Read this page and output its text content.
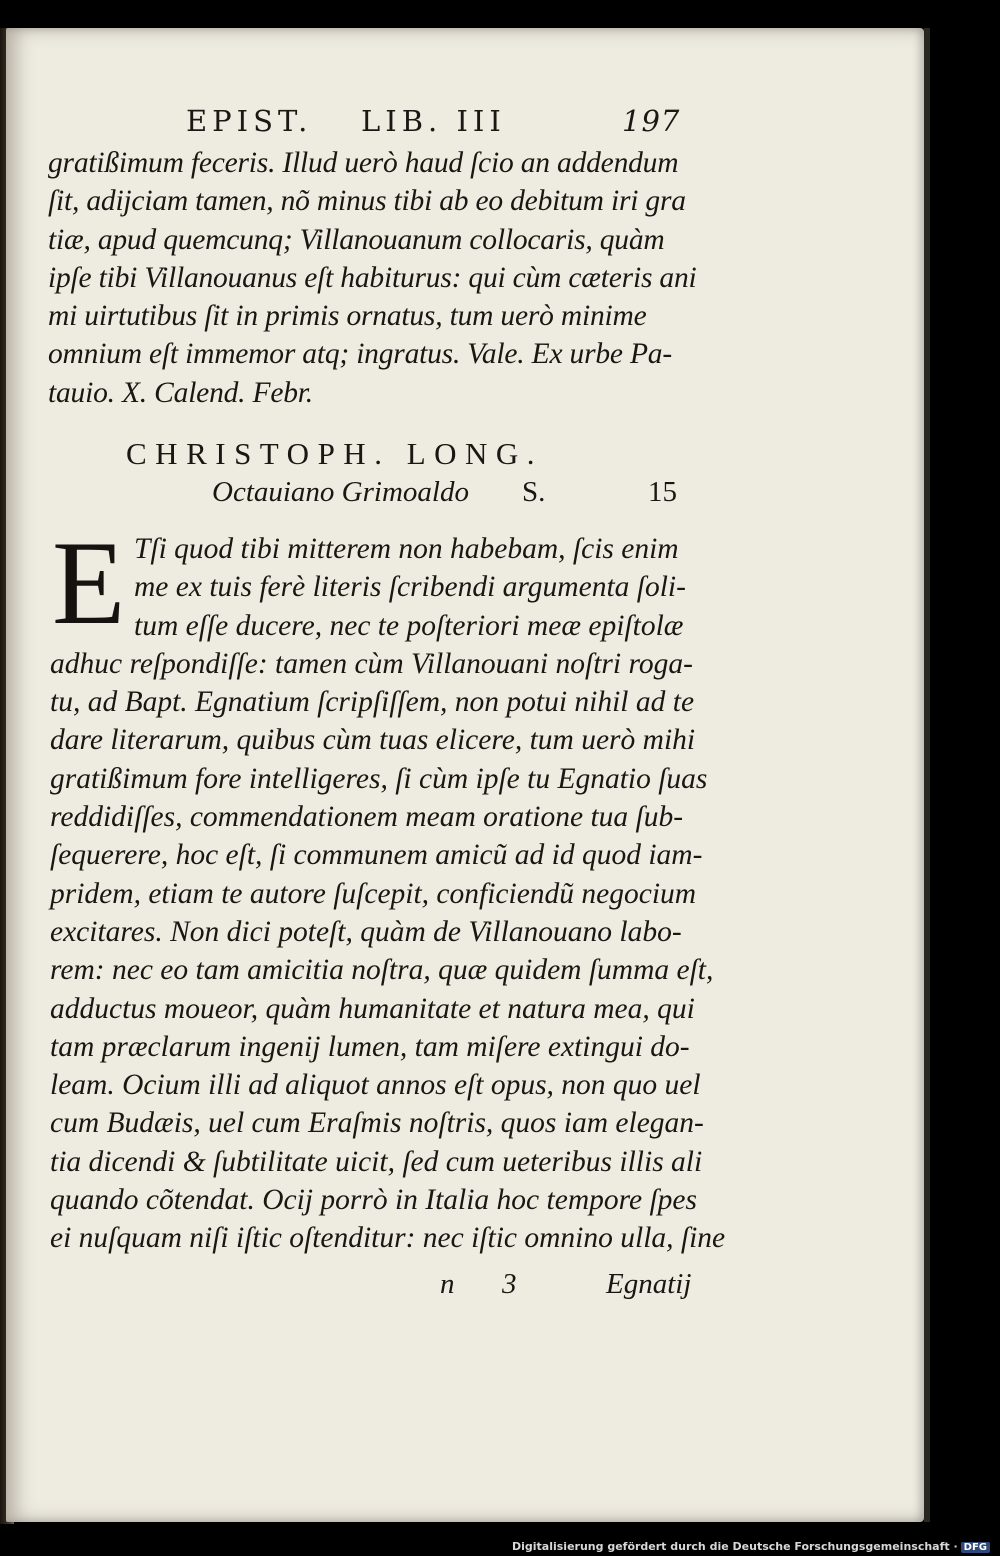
EPIST. LIB. III	197
gratißimum feceris. Illud uerò haud ſcio an addendum
ſit, adijciam tamen, nõ minus tibi ab eo debitum iri gra
tiæ, apud quemcunq; Villanouanum collocaris, quàm
ipſe tibi Villanouanus eſt habiturus: qui cùm cæteris ani
mi uirtutibus ſit in primis ornatus, tum uerò minime
omnium eſt immemor atq; ingratus. Vale. Ex urbe Pa-
tauio. X. Calend. Febr.
CHRISTOPH. LONG.
Octauiano Grimoaldo S.	15
E Tſi quod tibi mitterem non habebam, ſcis enim
me ex tuis ferè literis ſcribendi argumenta ſoli-
tum eſſe ducere, nec te poſteriori meæ epiſtolæ
adhuc reſpondiſſe: tamen cùm Villanouani noſtri roga-
tu, ad Bapt. Egnatium ſcripſiſſem, non potui nihil ad te
dare literarum, quibus cùm tuas elicere, tum uerò mihi
gratißimum fore intelligeres, ſi cùm ipſe tu Egnatio ſuas
reddidiſſes, commendationem meam oratione tua ſub-
ſequerere, hoc eſt, ſi communem amicũ ad id quod iam-
pridem, etiam te autore ſuſcepit, conficiendũ negocium
excitares. Non dici poteſt, quàm de Villanouano labo-
rem: nec eo tam amicitia noſtra, quæ quidem ſumma eſt,
adductus moueor, quàm humanitate et natura mea, qui
tam præclarum ingenij lumen, tam miſere extingui do-
leam. Ocium illi ad aliquot annos eſt opus, non quo uel
cum Budæis, uel cum Eraſmis noſtris, quos iam elegan-
tia dicendi & ſubtilitate uicit, ſed cum ueteribus illis ali
quando cõtendat. Ocij porrò in Italia hoc tempore ſpes
ei nuſquam niſi iſtic oſtenditur: nec iſtic omnino ulla, ſine
n 3	Egnatij
Digitalisierung gefördert durch die Deutsche Forschungsgemeinschaft · DFG
